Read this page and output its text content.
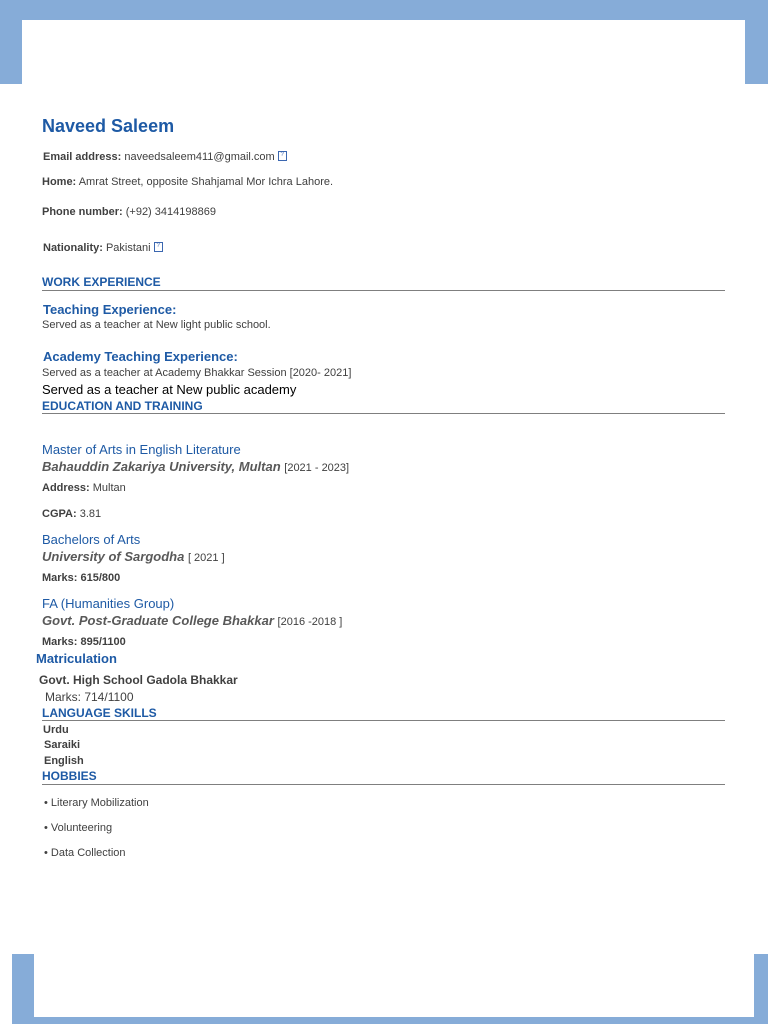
Naveed Saleem
Email address: naveedsaleem411@gmail.com ?
Home: Amrat Street, opposite Shahjamal Mor Ichra Lahore.
Phone number: (+92) 3414198869
Nationality: Pakistani ?
WORK EXPERIENCE
Teaching Experience:
Served as a teacher at New light public school.
Academy Teaching Experience:
Served as a teacher at Academy Bhakkar Session [2020- 2021]
Served as a teacher at New public academy
EDUCATION AND TRAINING
Master of Arts in English Literature
Bahauddin Zakariya University, Multan [2021 - 2023]
Address: Multan
CGPA: 3.81
Bachelors of Arts
University of Sargodha [ 2021 ]
Marks: 615/800
FA (Humanities Group)
Govt. Post-Graduate College Bhakkar [2016 -2018 ]
Marks: 895/1100
Matriculation
Govt. High School Gadola Bhakkar
Marks: 714/1100
LANGUAGE SKILLS
Urdu
Saraiki
English
HOBBIES
• Literary Mobilization
• Volunteering
• Data Collection
